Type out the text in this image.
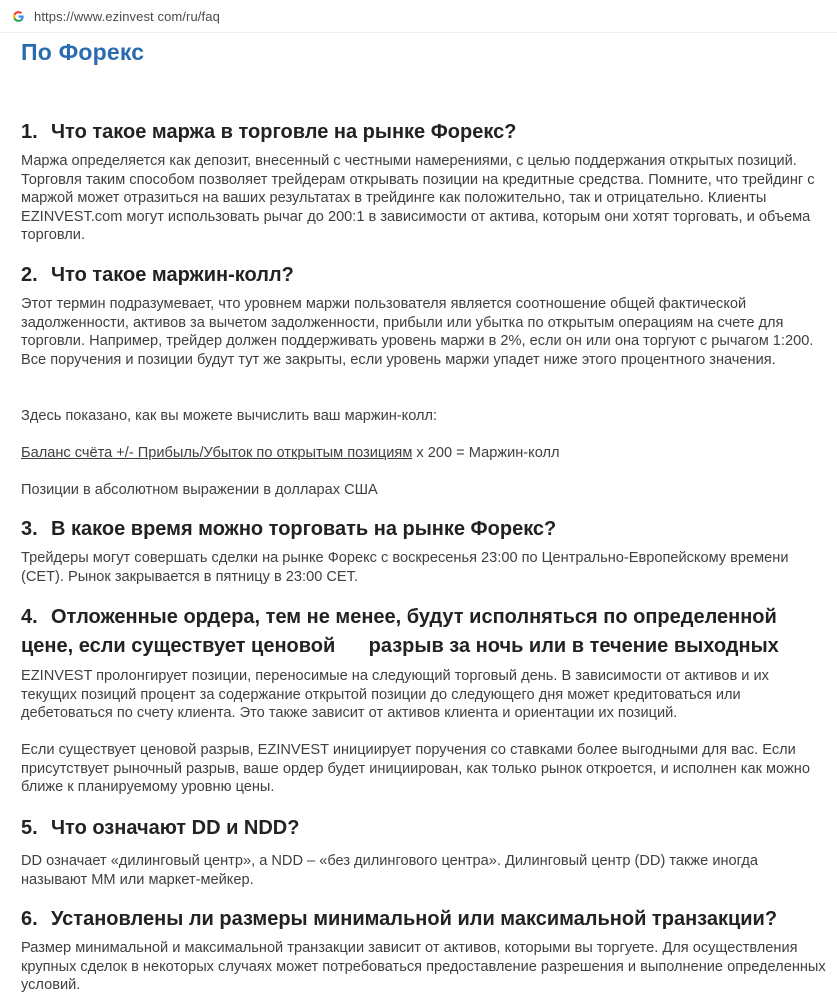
https://www.ezinvest com/ru/faq
По Форекс
1. Что такое маржа в торговле на рынке Форекс?

Маржа определяется как депозит, внесенный с честными намерениями, с целью поддержания открытых позиций. Торговля таким способом позволяет трейдерам открывать позиции на кредитные средства. Помните, что трейдинг с маржой может отразиться на ваших результатах в трейдинге как положительно, так и отрицательно. Клиенты EZINVEST.com могут использовать рычаг до 200:1 в зависимости от актива, которым они хотят торговать, и объема торговли.

2. Что такое маржин-колл?

Этот термин подразумевает, что уровнем маржи пользователя является соотношение общей фактической задолженности, активов за вычетом задолженности, прибыли или убытка по открытым операциям на счете для торговли. Например, трейдер должен поддерживать уровень маржи в 2%, если он или она торгуют с рычагом 1:200. Все поручения и позиции будут тут же закрыты, если уровень маржи упадет ниже этого процентного значения.

Здесь показано, как вы можете вычислить ваш маржин-колл:

Баланс счёта +/- Прибыль/Убыток по открытым позициям x 200 = Маржин-колл

Позиции в абсолютном выражении в долларах США

3. В какое время можно торговать на рынке Форекс?

Трейдеры могут совершать сделки на рынке Форекс с воскресенья 23:00 по Центрально-Европейскому времени (CET). Рынок закрывается в пятницу в 23:00 CET.

4. Отложенные ордера, тем не менее, будут исполняться по определенной
цене, если существует ценовой      разрыв за ночь или в течение выходных

EZINVEST пролонгирует позиции, переносимые на следующий торговый день. В зависимости от активов и их текущих позиций процент за содержание открытой позиции до следующего дня может кредитоваться или дебетоваться по счету клиента. Это также зависит от активов клиента и ориентации их позиций.

Если существует ценовой разрыв, EZINVEST инициирует поручения со ставками более выгодными для вас. Если присутствует рыночный разрыв, ваше ордер будет инициирован, как только рынок откроется, и исполнен как можно ближе к планируемому уровню цены.

5. Что означают DD и NDD?

DD означает «дилинговый центр», а NDD – «без дилингового центра». Дилинговый центр (DD) также иногда называют ММ или маркет-мейкер.

6. Установлены ли размеры минимальной или максимальной транзакции?

Размер минимальной и максимальной транзакции зависит от активов, которыми вы торгуете. Для осуществления крупных сделок в некоторых случаях может потребоваться предоставление разрешения и выполнение определенных условий.
